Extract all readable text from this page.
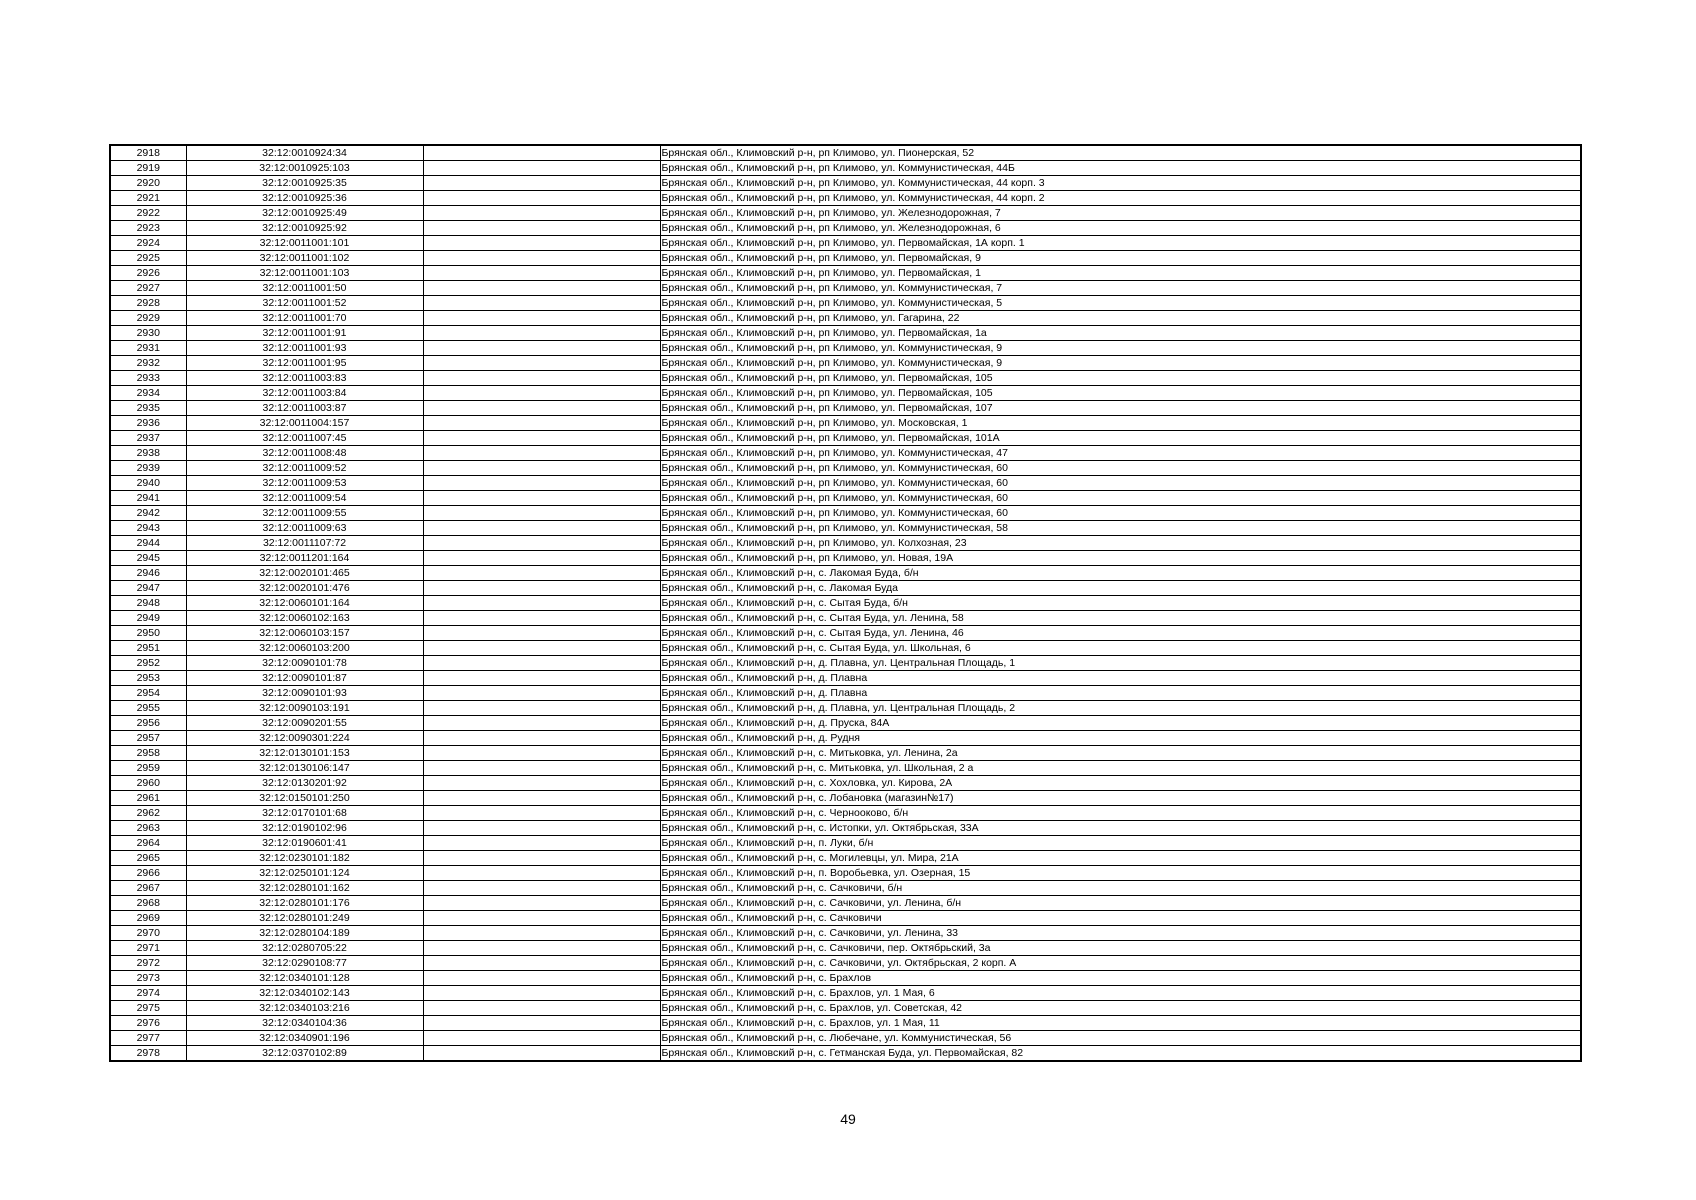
2918	32:12:0010924:34		Брянская обл., Климовский р-н, рп Климово, ул. Пионерская, 52
2919	32:12:0010925:103		Брянская обл., Климовский р-н, рп Климово, ул. Коммунистическая, 44Б
2920	32:12:0010925:35		Брянская обл., Климовский р-н, рп Климово, ул. Коммунистическая, 44 корп. 3
2921	32:12:0010925:36		Брянская обл., Климовский р-н, рп Климово, ул. Коммунистическая, 44 корп. 2
2922	32:12:0010925:49		Брянская обл., Климовский р-н, рп Климово, ул. Железнодорожная, 7
2923	32:12:0010925:92		Брянская обл., Климовский р-н, рп Климово, ул. Железнодорожная, 6
2924	32:12:0011001:101		Брянская обл., Климовский р-н, рп Климово, ул. Первомайская, 1А корп. 1
2925	32:12:0011001:102		Брянская обл., Климовский р-н, рп Климово, ул. Первомайская, 9
2926	32:12:0011001:103		Брянская обл., Климовский р-н, рп Климово, ул. Первомайская, 1
2927	32:12:0011001:50		Брянская обл., Климовский р-н, рп Климово, ул. Коммунистическая, 7
2928	32:12:0011001:52		Брянская обл., Климовский р-н, рп Климово, ул. Коммунистическая, 5
2929	32:12:0011001:70		Брянская обл., Климовский р-н, рп Климово, ул. Гагарина, 22
2930	32:12:0011001:91		Брянская обл., Климовский р-н, рп Климово, ул. Первомайская, 1а
2931	32:12:0011001:93		Брянская обл., Климовский р-н, рп Климово, ул. Коммунистическая, 9
2932	32:12:0011001:95		Брянская обл., Климовский р-н, рп Климово, ул. Коммунистическая, 9
2933	32:12:0011003:83		Брянская обл., Климовский р-н, рп Климово, ул. Первомайская, 105
2934	32:12:0011003:84		Брянская обл., Климовский р-н, рп Климово, ул. Первомайская, 105
2935	32:12:0011003:87		Брянская обл., Климовский р-н, рп Климово, ул. Первомайская, 107
2936	32:12:0011004:157		Брянская обл., Климовский р-н, рп Климово, ул. Московская, 1
2937	32:12:0011007:45		Брянская обл., Климовский р-н, рп Климово, ул. Первомайская, 101А
2938	32:12:0011008:48		Брянская обл., Климовский р-н, рп Климово, ул. Коммунистическая, 47
2939	32:12:0011009:52		Брянская обл., Климовский р-н, рп Климово, ул. Коммунистическая, 60
2940	32:12:0011009:53		Брянская обл., Климовский р-н, рп Климово, ул. Коммунистическая, 60
2941	32:12:0011009:54		Брянская обл., Климовский р-н, рп Климово, ул. Коммунистическая, 60
2942	32:12:0011009:55		Брянская обл., Климовский р-н, рп Климово, ул. Коммунистическая, 60
2943	32:12:0011009:63		Брянская обл., Климовский р-н, рп Климово, ул. Коммунистическая, 58
2944	32:12:0011107:72		Брянская обл., Климовский р-н, рп Климово, ул. Колхозная, 23
2945	32:12:0011201:164		Брянская обл., Климовский р-н, рп Климово, ул. Новая, 19А
2946	32:12:0020101:465		Брянская обл., Климовский р-н, с. Лакомая Буда, б/н
2947	32:12:0020101:476		Брянская обл., Климовский р-н, с. Лакомая Буда
2948	32:12:0060101:164		Брянская обл., Климовский р-н, с. Сытая Буда, б/н
2949	32:12:0060102:163		Брянская обл., Климовский р-н, с. Сытая Буда, ул. Ленина, 58
2950	32:12:0060103:157		Брянская обл., Климовский р-н, с. Сытая Буда, ул. Ленина, 46
2951	32:12:0060103:200		Брянская обл., Климовский р-н, с. Сытая Буда, ул. Школьная, 6
2952	32:12:0090101:78		Брянская обл., Климовский р-н, д. Плавна, ул. Центральная Площадь, 1
2953	32:12:0090101:87		Брянская обл., Климовский р-н, д. Плавна
2954	32:12:0090101:93		Брянская обл., Климовский р-н, д. Плавна
2955	32:12:0090103:191		Брянская обл., Климовский р-н, д. Плавна, ул. Центральная Площадь, 2
2956	32:12:0090201:55		Брянская обл., Климовский р-н, д. Пруска, 84А
2957	32:12:0090301:224		Брянская обл., Климовский р-н, д. Рудня
2958	32:12:0130101:153		Брянская обл., Климовский р-н, с. Митьковка, ул. Ленина, 2а
2959	32:12:0130106:147		Брянская обл., Климовский р-н, с. Митьковка, ул. Школьная, 2 а
2960	32:12:0130201:92		Брянская обл., Климовский р-н, с. Хохловка, ул. Кирова, 2А
2961	32:12:0150101:250		Брянская обл., Климовский р-н, с. Лобановка (магазин№17)
2962	32:12:0170101:68		Брянская обл., Климовский р-н, с. Чернооково, б/н
2963	32:12:0190102:96		Брянская обл., Климовский р-н, с. Истопки, ул. Октябрьская, 33А
2964	32:12:0190601:41		Брянская обл., Климовский р-н, п. Луки, б/н
2965	32:12:0230101:182		Брянская обл., Климовский р-н, с. Могилевцы, ул. Мира, 21А
2966	32:12:0250101:124		Брянская обл., Климовский р-н, п. Воробьевка, ул. Озерная, 15
2967	32:12:0280101:162		Брянская обл., Климовский р-н, с. Сачковичи, б/н
2968	32:12:0280101:176		Брянская обл., Климовский р-н, с. Сачковичи, ул. Ленина, б/н
2969	32:12:0280101:249		Брянская обл., Климовский р-н, с. Сачковичи
2970	32:12:0280104:189		Брянская обл., Климовский р-н, с. Сачковичи, ул. Ленина, 33
2971	32:12:0280705:22		Брянская обл., Климовский р-н, с. Сачковичи, пер. Октябрьский, 3а
2972	32:12:0290108:77		Брянская обл., Климовский р-н, с. Сачковичи, ул. Октябрьская, 2 корп. А
2973	32:12:0340101:128		Брянская обл., Климовский р-н, с. Брахлов
2974	32:12:0340102:143		Брянская обл., Климовский р-н, с. Брахлов, ул. 1 Мая, 6
2975	32:12:0340103:216		Брянская обл., Климовский р-н, с. Брахлов, ул. Советская, 42
2976	32:12:0340104:36		Брянская обл., Климовский р-н, с. Брахлов, ул. 1 Мая, 11
2977	32:12:0340901:196		Брянская обл., Климовский р-н, с. Любечане, ул. Коммунистическая, 56
2978	32:12:0370102:89		Брянская обл., Климовский р-н, с. Гетманская Буда, ул. Первомайская, 82
49
